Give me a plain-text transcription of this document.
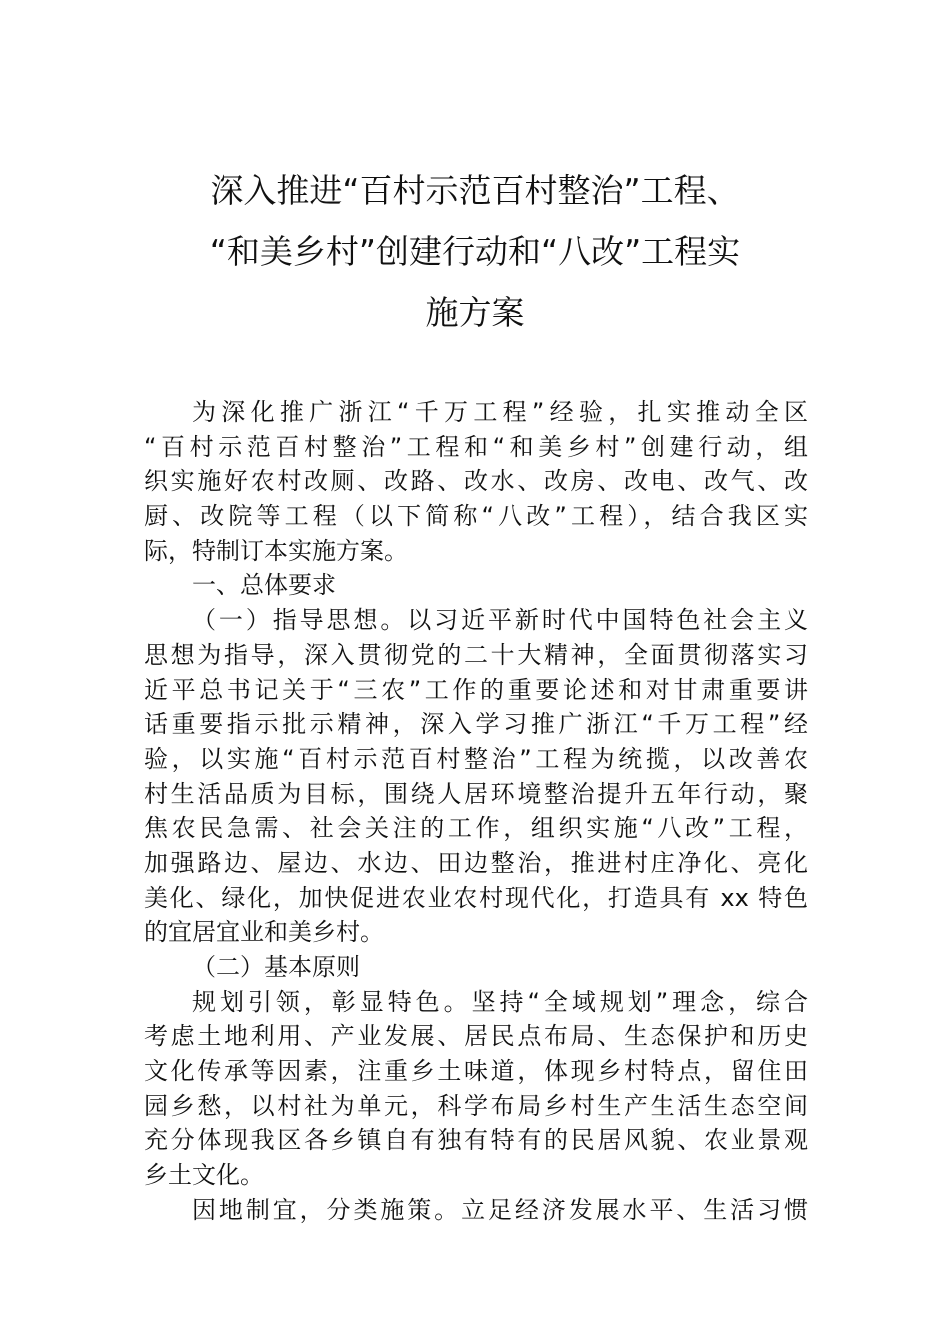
深入推进“百村示范百村整治”工程、
“和美乡村”创建行动和“八改”工程实
施方案
为深化推广浙江“千万工程”经验，扎实推动全区
“百村示范百村整治”工程和“和美乡村”创建行动，组
织实施好农村改厕、改路、改水、改房、改电、改气、改
厨、改院等工程（以下简称“八改”工程），结合我区实
际，特制订本实施方案。
一、总体要求
（一）指导思想。以习近平新时代中国特色社会主义
思想为指导，深入贯彻党的二十大精神，全面贯彻落实习
近平总书记关于“三农”工作的重要论述和对甘肃重要讲
话重要指示批示精神，深入学习推广浙江“千万工程”经
验，以实施“百村示范百村整治”工程为统揽，以改善农
村生活品质为目标，围绕人居环境整治提升五年行动，聚
焦农民急需、社会关注的工作，组织实施“八改”工程，
加强路边、屋边、水边、田边整治，推进村庄净化、亮化
美化、绿化，加快促进农业农村现代化，打造具有 xx 特色
的宜居宜业和美乡村。
（二）基本原则
规划引领，彰显特色。坚持“全域规划”理念，综合
考虑土地利用、产业发展、居民点布局、生态保护和历史
文化传承等因素，注重乡土味道，体现乡村特点，留住田
园乡愁，以村社为单元，科学布局乡村生产生活生态空间
充分体现我区各乡镇自有独有特有的民居风貌、农业景观
乡土文化。
因地制宜，分类施策。立足经济发展水平、生活习惯
